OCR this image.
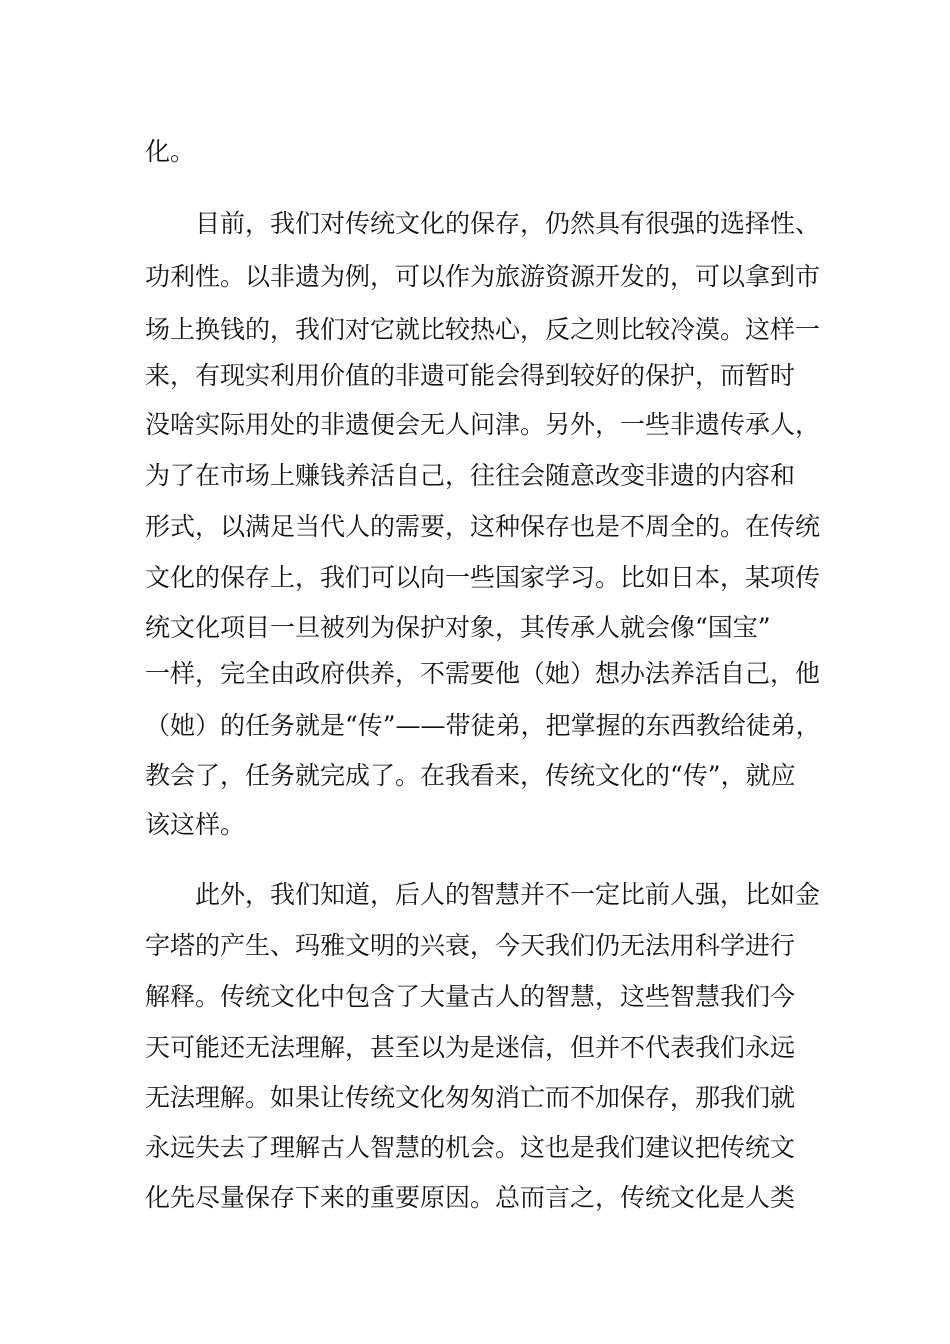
化。
目前，我们对传统文化的保存，仍然具有很强的选择性、
功利性。以非遗为例，可以作为旅游资源开发的，可以拿到市
场上换钱的，我们对它就比较热心，反之则比较冷漠。这样一
来，有现实利用价值的非遗可能会得到较好的保护，而暂时
没啥实际用处的非遗便会无人问津。另外，一些非遗传承人，
为了在市场上赚钱养活自己，往往会随意改变非遗的内容和
形式，以满足当代人的需要，这种保存也是不周全的。在传统
文化的保存上，我们可以向一些国家学习。比如日本，某项传
统文化项目一旦被列为保护对象，其传承人就会像“国宝”
一样，完全由政府供养，不需要他（她）想办法养活自己，他
（她）的任务就是“传”——带徒弟，把掌握的东西教给徒弟，
教会了，任务就完成了。在我看来，传统文化的“传”，就应
该这样。
此外，我们知道，后人的智慧并不一定比前人强，比如金
字塔的产生、玛雅文明的兴衰，今天我们仍无法用科学进行
解释。传统文化中包含了大量古人的智慧，这些智慧我们今
天可能还无法理解，甚至以为是迷信，但并不代表我们永远
无法理解。如果让传统文化匆匆消亡而不加保存，那我们就
永远失去了理解古人智慧的机会。这也是我们建议把传统文
化先尽量保存下来的重要原因。总而言之，传统文化是人类
